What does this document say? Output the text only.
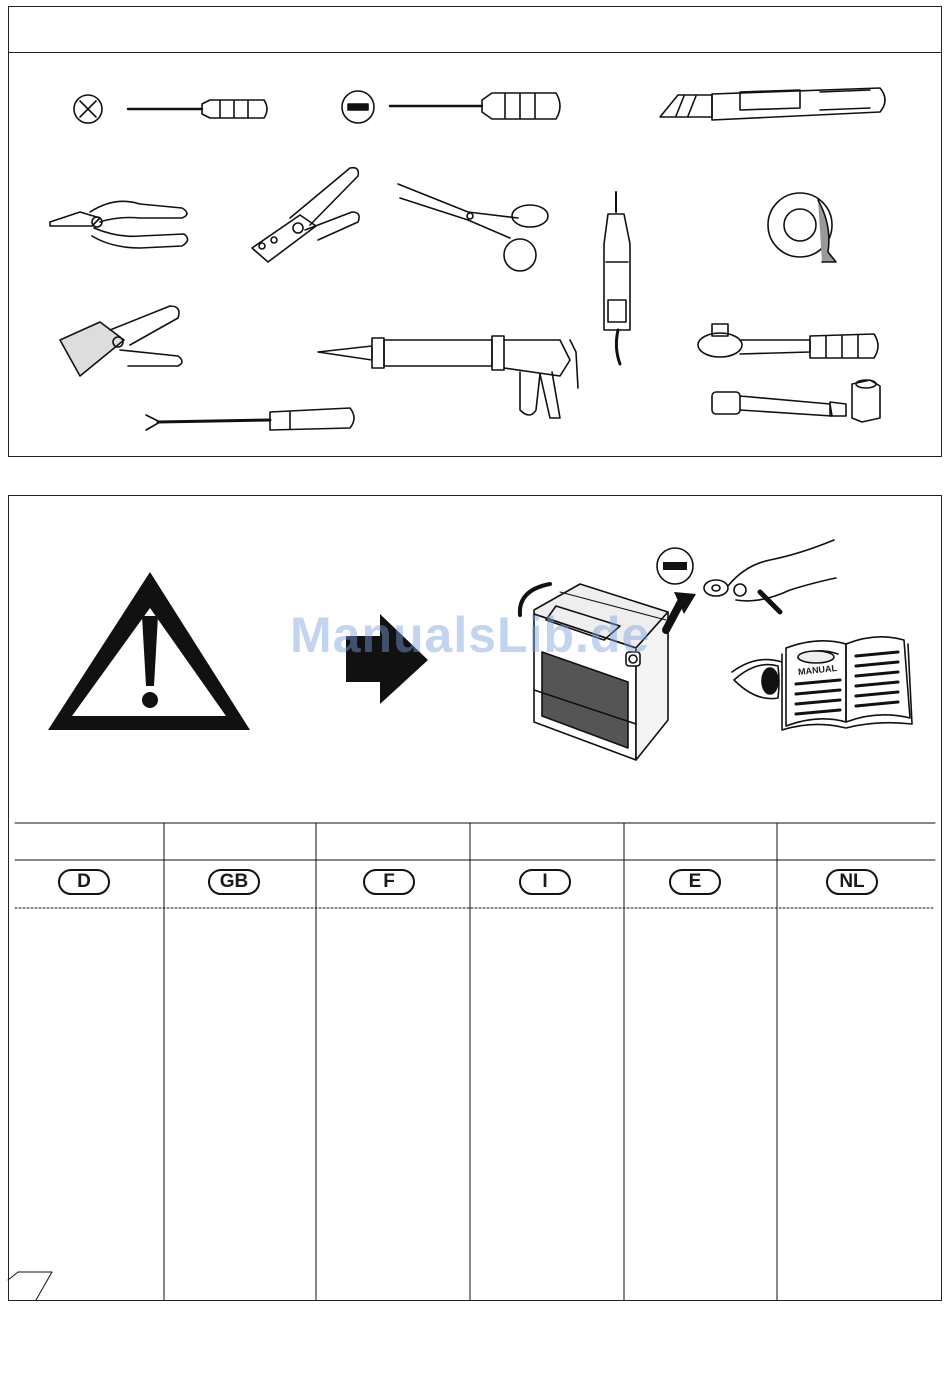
ManualsLib.de
MANUAL
D	GB	F	I	E	NL
